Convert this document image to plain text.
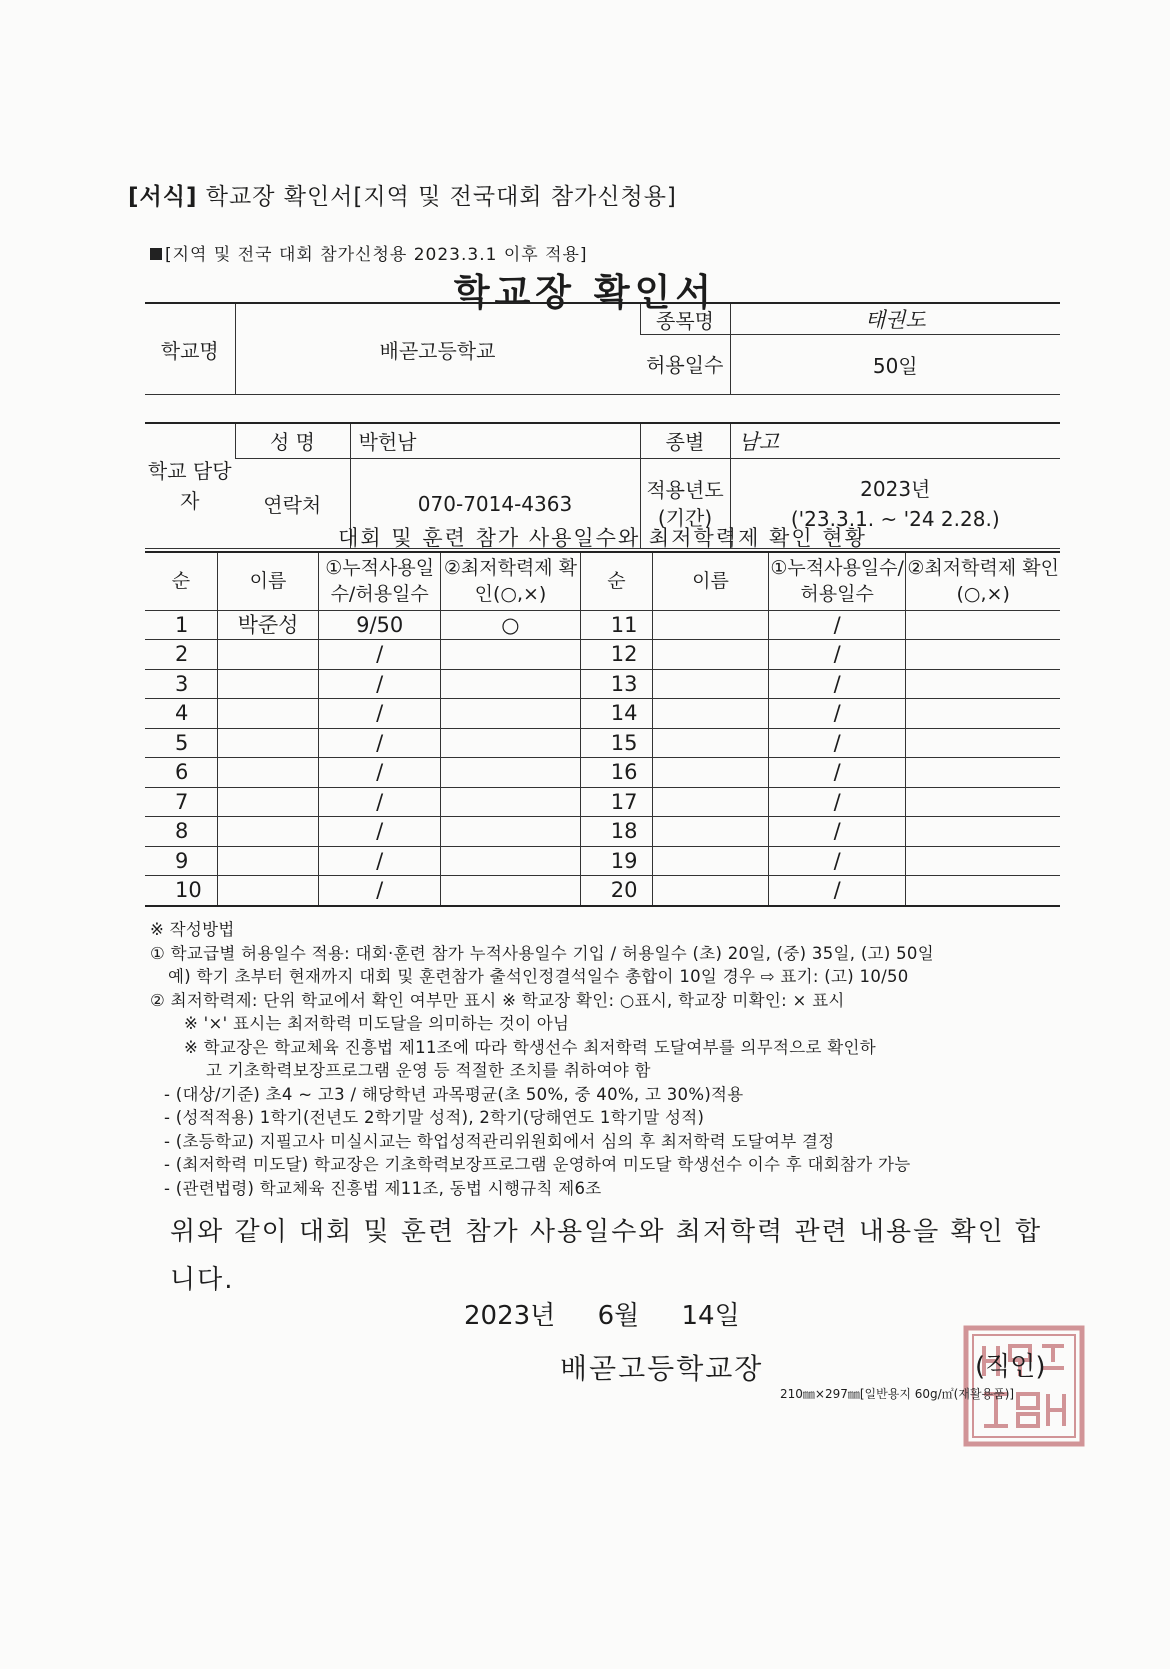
[서식] 학교장 확인서[지역 및 전국대회 참가신청용]
[지역 및 전국 대회 참가신청용 2023.3.1 이후 적용]
학교장 확인서
학교명	배곧고등학교		종목명	태권도
			허용일수	50일

학교 담당자	성 명	박헌남	종별	남고
	연락처	070-7014-4363	적용년도 (기간)	2023년
('23.3.1. ~ '24 2.28.)
대회 및 훈련 참가 사용일수와 최저학력제 확인 현황
순	이름	①누적사용일수/허용일수	②최저학력제 확인(○,×)	순	이름	①누적사용일수/허용일수	②최저학력제 확인(○,×)
1	박준성	9/50	○	11		/	
2		/		12		/	
3		/		13		/	
4		/		14		/	
5		/		15		/	
6		/		16		/	
7		/		17		/	
8		/		18		/	
9		/		19		/	
10		/		20		/	
※ 작성방법
① 학교급별 허용일수 적용: 대회·훈련 참가 누적사용일수 기입 / 허용일수 (초) 20일, (중) 35일, (고) 50일
예) 학기 초부터 현재까지 대회 및 훈련참가 출석인정결석일수 총합이 10일 경우 ⇨ 표기: (고) 10/50
② 최저학력제: 단위 학교에서 확인 여부만 표시 ※ 학교장 확인: ○표시, 학교장 미확인: × 표시
※ '×' 표시는 최저학력 미도달을 의미하는 것이 아님
※ 학교장은 학교체육 진흥법 제11조에 따라 학생선수 최저학력 도달여부를 의무적으로 확인하
고 기초학력보장프로그램 운영 등 적절한 조치를 취하여야 함
- (대상/기준) 초4 ~ 고3 / 해당학년 과목평균(초 50%, 중 40%, 고 30%)적용
- (성적적용) 1학기(전년도 2학기말 성적), 2학기(당해연도 1학기말 성적)
- (초등학교) 지필고사 미실시교는 학업성적관리위원회에서 심의 후 최저학력 도달여부 결정
- (최저학력 미도달) 학교장은 기초학력보장프로그램 운영하여 미도달 학생선수 이수 후 대회참가 가능
- (관련법령) 학교체육 진흥법 제11조, 동법 시행규칙 제6조
위와 같이 대회 및 훈련 참가 사용일수와 최저학력 관련 내용을 확인 합니다.
2023년 6월 14일
배곧고등학교장	(직인)
210㎜×297㎜[일반용지 60g/㎡(재활용품)]
